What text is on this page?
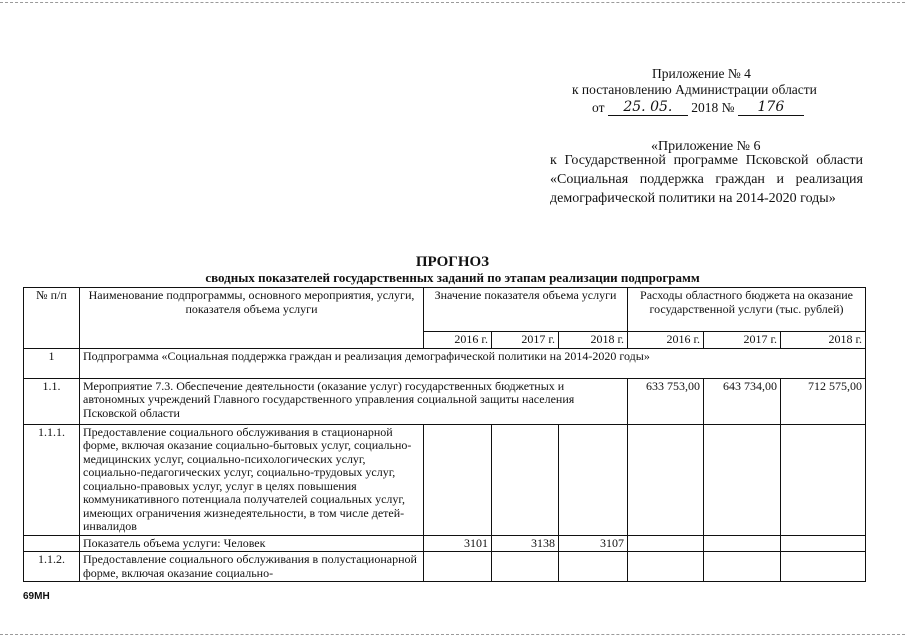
Приложение № 4
к постановлению Администрации области
от 25. 05. 2018 № 176
«Приложение № 6
к Государственной программе Псковской области «Социальная поддержка граждан и реализация демографической политики на 2014-2020 годы»
ПРОГНОЗ
сводных показателей государственных заданий по этапам реализации подпрограмм
№ п/п	Наименование подпрограммы, основного мероприятия, услуги, показателя объема услуги	Значение показателя объема услуги			Расходы областного бюджета на оказание государственной услуги (тыс. рублей)		
		2016 г.	2017 г.	2018 г.	2016 г.	2017 г.	2018 г.
1	Подпрограмма «Социальная поддержка граждан и реализация демографической политики на 2014-2020 годы»						
1.1.	Мероприятие 7.3. Обеспечение деятельности (оказание услуг) государственных бюджетных и автономных учреждений Главного государственного управления социальной защиты населения Псковской области				633 753,00	643 734,00	712 575,00
1.1.1.	Предоставление социального обслуживания в стационарной форме, включая оказание социально-бытовых услуг, социально-медицинских услуг, социально-психологических услуг, социально-педагогических услуг, социально-трудовых услуг, социально-правовых услуг, услуг в целях повышения коммуникативного потенциала получателей социальных услуг, имеющих ограничения жизнедеятельности, в том числе детей-инвалидов						
	Показатель объема услуги: Человек	3101	3138	3107			
1.1.2.	Предоставление социального обслуживания в полустационарной форме, включая оказание социально-						
69МН
